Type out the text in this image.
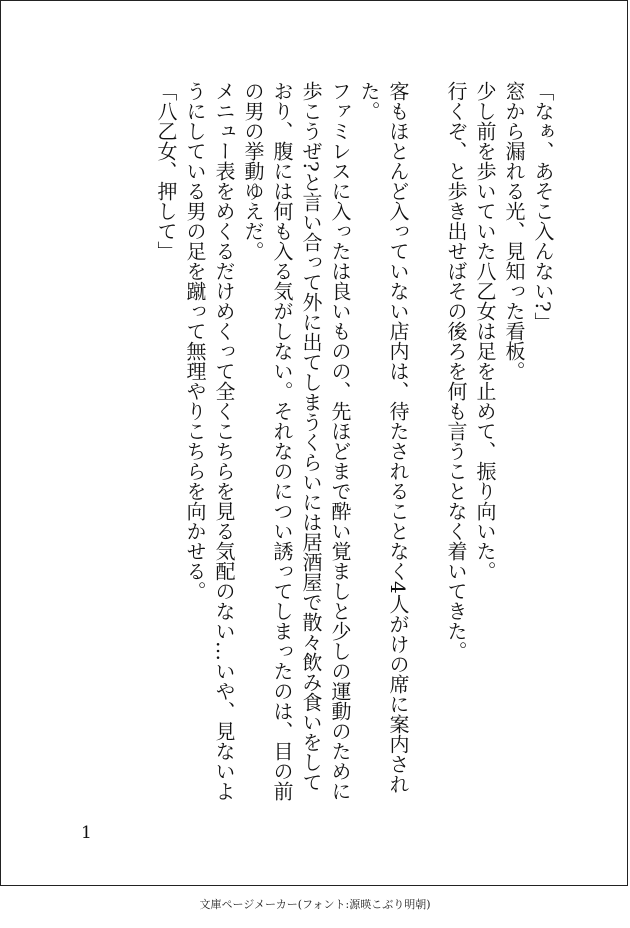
「なぁ、あそこ入んない?」

窓から漏れる光、見知った看板。

少し前を歩いていた八乙女は足を止めて、振り向いた。

行くぞ、と歩き出せばその後ろを何も言うことなく着いてきた。

客もほとんど入っていない店内は、待たされることなく4人がけの席に案内され

た。

ファミレスに入ったは良いものの、先ほどまで酔い覚ましと少しの運動のために

歩こうぜ?と言い合って外に出てしまうくらいには居酒屋で散々飲み食いをして

おり、腹には何も入る気がしない。それなのについ誘ってしまったのは、目の前

の男の挙動ゆえだ。

メニュー表をめくるだけめくって全くこちらを見る気配のない…いや、見ないよ

うにしている男の足を蹴って無理やりこちらを向かせる。

「八乙女、押して」

1
文庫ページメーカー(フォント:源暎こぶり明朝)
